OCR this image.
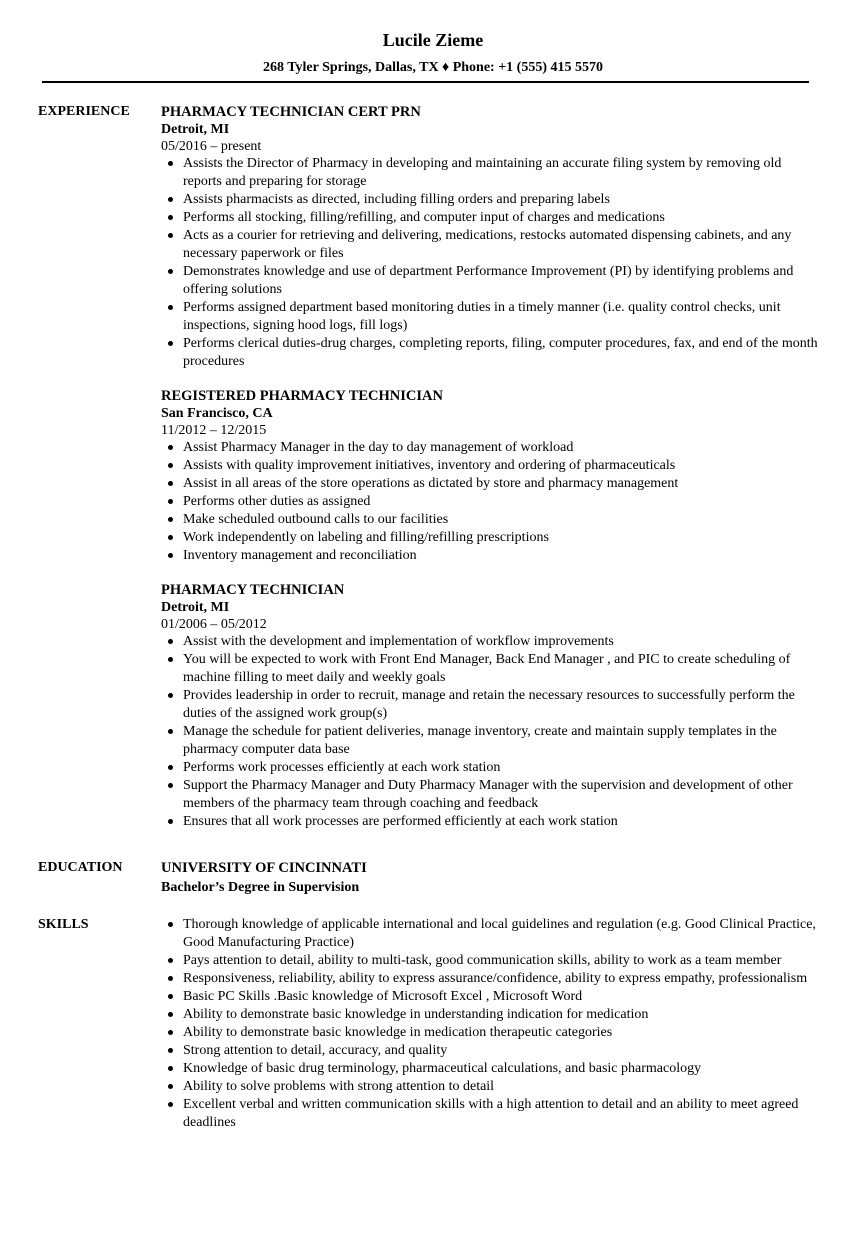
Lucile Zieme
268 Tyler Springs, Dallas, TX ♦ Phone: +1 (555) 415 5570
EXPERIENCE PHARMACY TECHNICIAN CERT PRN
Detroit, MI
05/2016 – present
Assists the Director of Pharmacy in developing and maintaining an accurate filing system by removing old reports and preparing for storage
Assists pharmacists as directed, including filling orders and preparing labels
Performs all stocking, filling/refilling, and computer input of charges and medications
Acts as a courier for retrieving and delivering, medications, restocks automated dispensing cabinets, and any necessary paperwork or files
Demonstrates knowledge and use of department Performance Improvement (PI) by identifying problems and offering solutions
Performs assigned department based monitoring duties in a timely manner (i.e. quality control checks, unit inspections, signing hood logs, fill logs)
Performs clerical duties-drug charges, completing reports, filing, computer procedures, fax, and end of the month procedures
REGISTERED PHARMACY TECHNICIAN
San Francisco, CA
11/2012 – 12/2015
Assist Pharmacy Manager in the day to day management of workload
Assists with quality improvement initiatives, inventory and ordering of pharmaceuticals
Assist in all areas of the store operations as dictated by store and pharmacy management
Performs other duties as assigned
Make scheduled outbound calls to our facilities
Work independently on labeling and filling/refilling prescriptions
Inventory management and reconciliation
PHARMACY TECHNICIAN
Detroit, MI
01/2006 – 05/2012
Assist with the development and implementation of workflow improvements
You will be expected to work with Front End Manager, Back End Manager , and PIC to create scheduling of machine filling to meet daily and weekly goals
Provides leadership in order to recruit, manage and retain the necessary resources to successfully perform the duties of the assigned work group(s)
Manage the schedule for patient deliveries, manage inventory, create and maintain supply templates in the pharmacy computer data base
Performs work processes efficiently at each work station
Support the Pharmacy Manager and Duty Pharmacy Manager with the supervision and development of other members of the pharmacy team through coaching and feedback
Ensures that all work processes are performed efficiently at each work station
EDUCATION	UNIVERSITY OF CINCINNATI
Bachelor’s Degree in Supervision
SKILLS	Thorough knowledge of applicable international and local guidelines and regulation (e.g. Good Clinical Practice, Good Manufacturing Practice)
Pays attention to detail, ability to multi-task, good communication skills, ability to work as a team member
Responsiveness, reliability, ability to express assurance/confidence, ability to express empathy, professionalism
Basic PC Skills .Basic knowledge of Microsoft Excel , Microsoft Word
Ability to demonstrate basic knowledge in understanding indication for medication
Ability to demonstrate basic knowledge in medication therapeutic categories
Strong attention to detail, accuracy, and quality
Knowledge of basic drug terminology, pharmaceutical calculations, and basic pharmacology
Ability to solve problems with strong attention to detail
Excellent verbal and written communication skills with a high attention to detail and an ability to meet agreed deadlines
